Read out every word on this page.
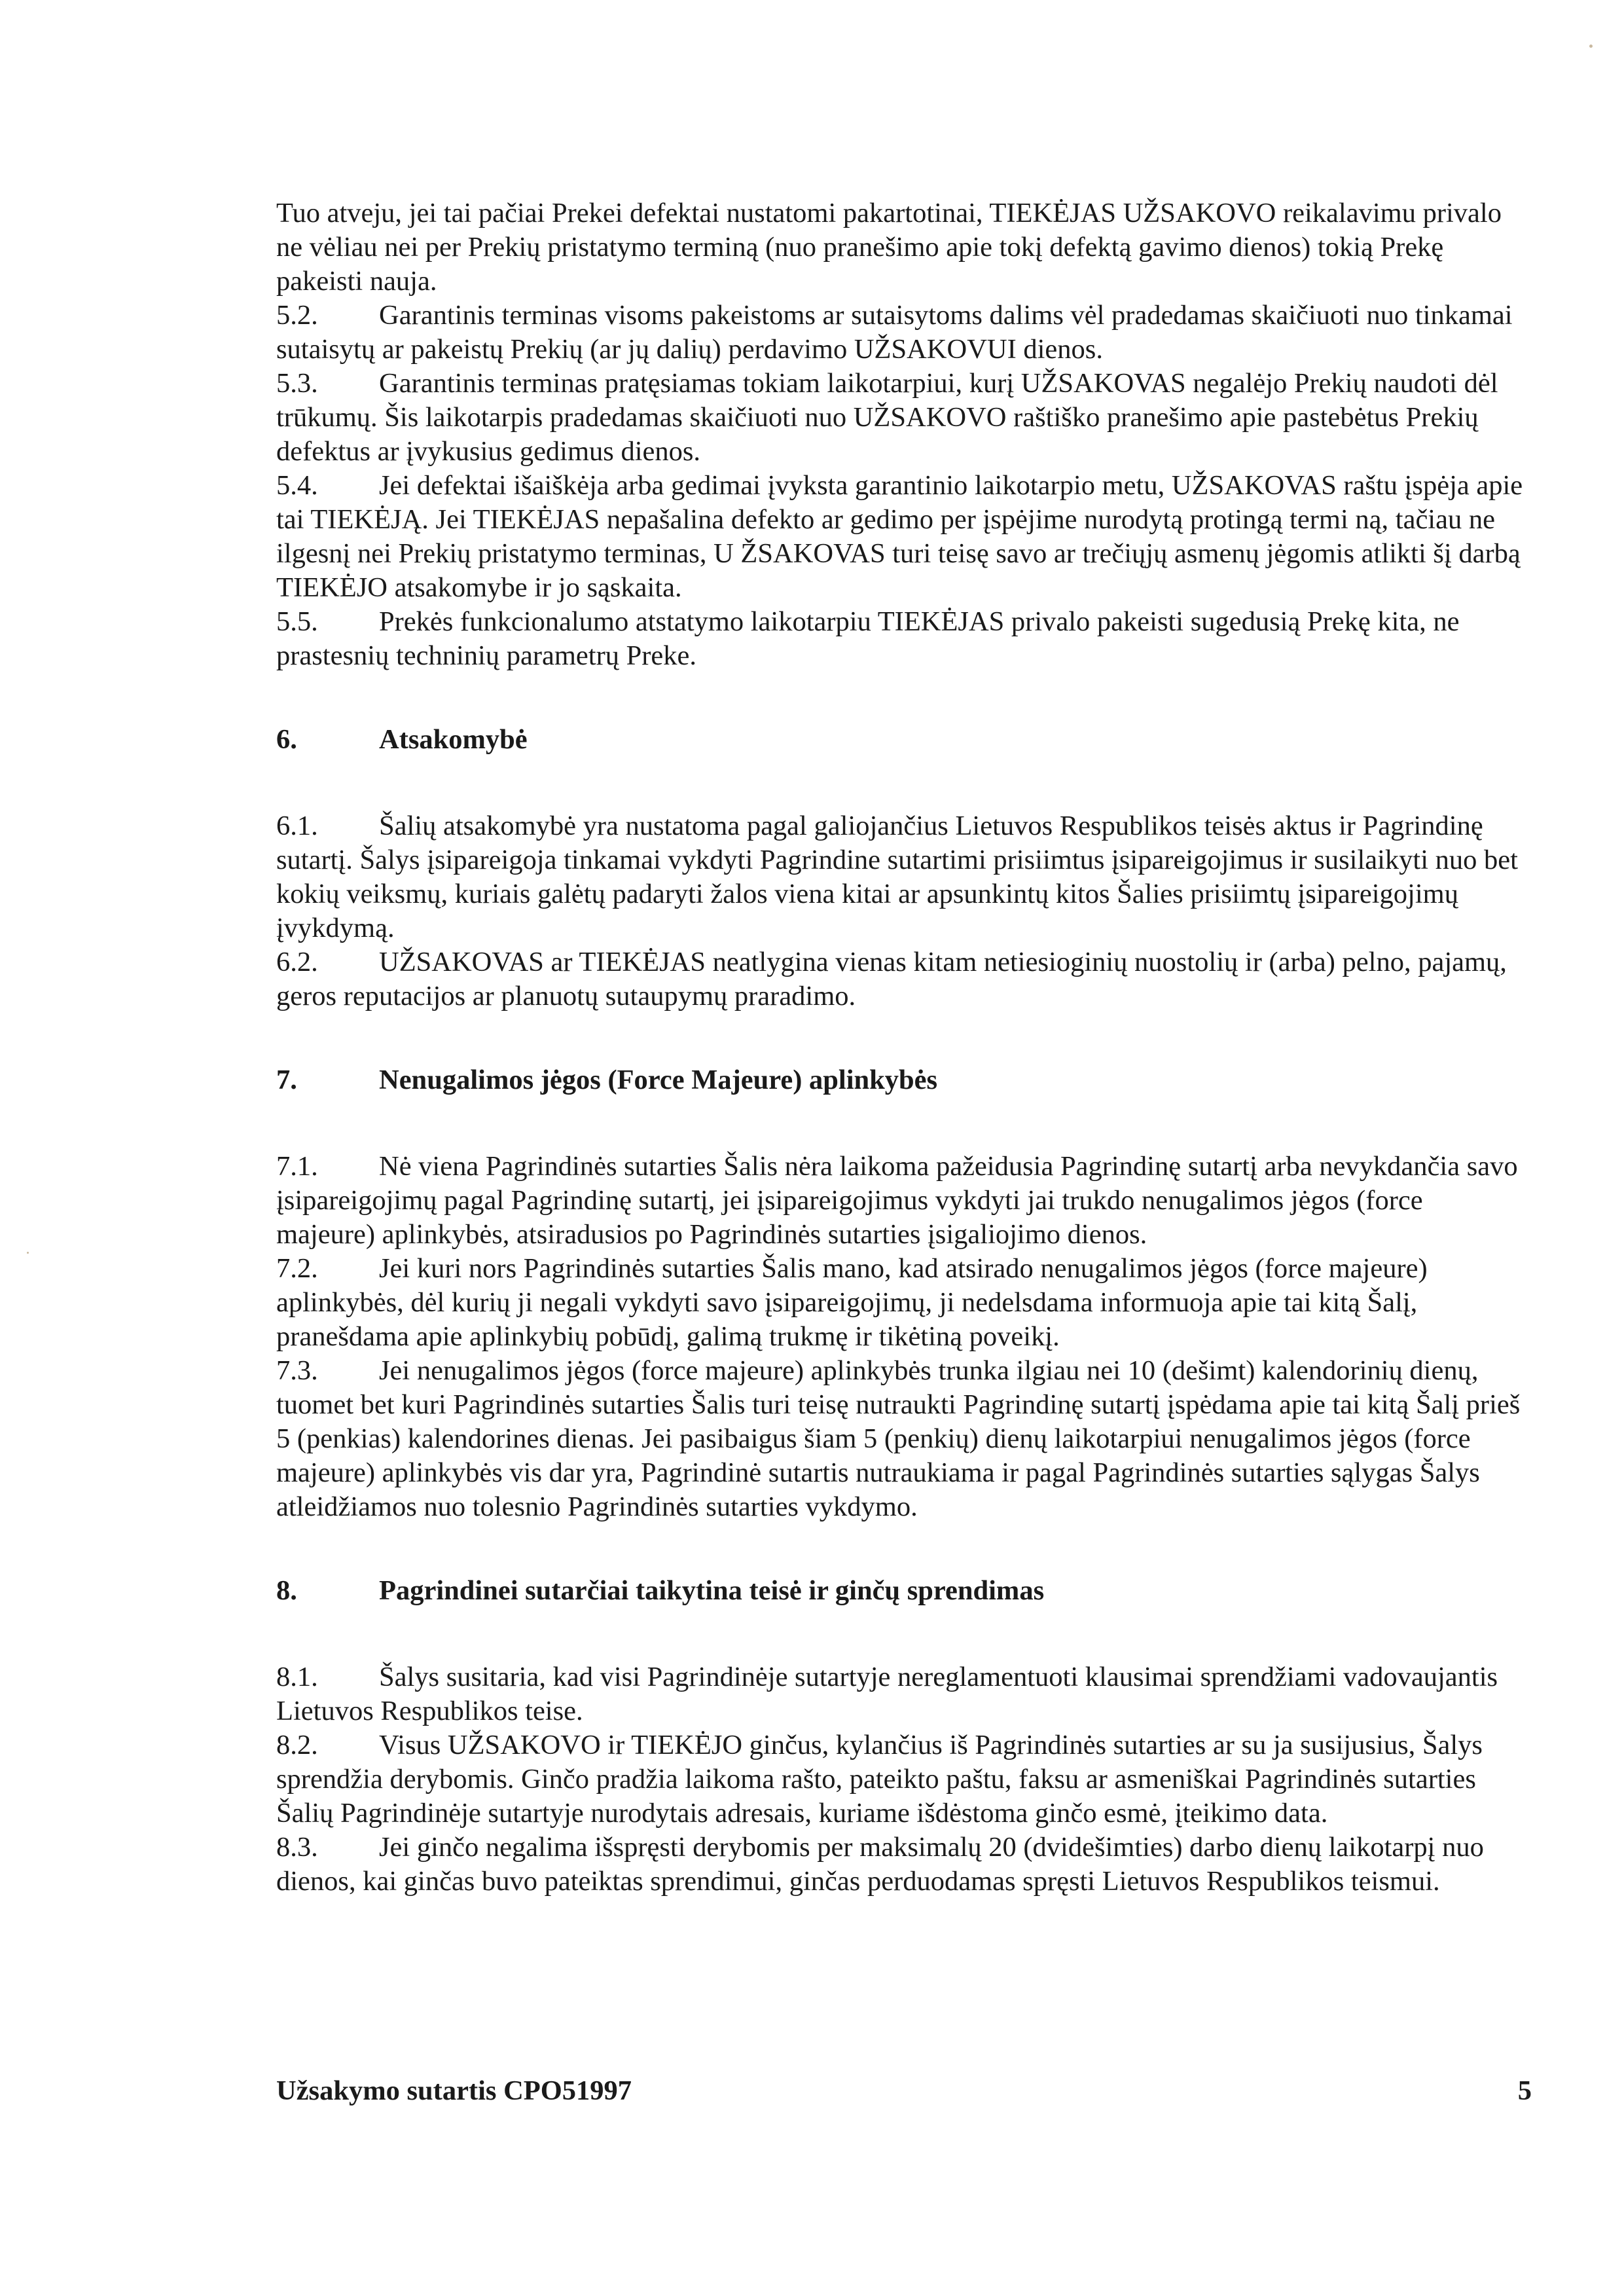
Tuo atveju, jei tai pačiai Prekei defektai nustatomi pakartotinai, TIEKĖJAS UŽSAKOVO reikalavimu privalo ne vėliau nei per Prekių pristatymo terminą (nuo pranešimo apie tokį defektą gavimo dienos) tokią Prekę pakeisti nauja.

5.2. Garantinis terminas visoms pakeistoms ar sutaisytoms dalims vėl pradedamas skaičiuoti nuo tinkamai sutaisytų ar pakeistų Prekių (ar jų dalių) perdavimo UŽSAKOVUI dienos.

5.3. Garantinis terminas pratęsiamas tokiam laikotarpiui, kurį UŽSAKOVAS negalėjo Prekių naudoti dėl trūkumų. Šis laikotarpis pradedamas skaičiuoti nuo UŽSAKOVO raštiško pranešimo apie pastebėtus Prekių defektus ar įvykusius gedimus dienos.

5.4. Jei defektai išaiškėja arba gedimai įvyksta garantinio laikotarpio metu, UŽSAKOVAS raštu įspėja apie tai TIEKĖJĄ. Jei TIEKĖJAS nepašalina defekto ar gedimo per įspėjime nurodytą protingą termi ną, tačiau ne ilgesnį nei Prekių pristatymo terminas, U ŽSAKOVAS turi teisę savo ar trečiųjų asmenų jėgomis atlikti šį darbą TIEKĖJO atsakomybe ir jo sąskaita.

5.5. Prekės funkcionalumo atstatymo laikotarpiu TIEKĖJAS privalo pakeisti sugedusią Prekę kita, ne prastesnių techninių parametrų Preke.

6.	Atsakomybė

6.1. Šalių atsakomybė yra nustatoma pagal galiojančius Lietuvos Respublikos teisės aktus ir Pagrindinę sutartį. Šalys įsipareigoja tinkamai vykdyti Pagrindine sutartimi prisiimtus įsipareigojimus ir susilaikyti nuo bet kokių veiksmų, kuriais galėtų padaryti žalos viena kitai ar apsunkintų kitos Šalies prisiimtų įsipareigojimų įvykdymą.

6.2. UŽSAKOVAS ar TIEKĖJAS neatlygina vienas kitam netiesioginių nuostolių ir (arba) pelno, pajamų, geros reputacijos ar planuotų sutaupymų praradimo.

7.	Nenugalimos jėgos (Force Majeure) aplinkybės

7.1. Nė viena Pagrindinės sutarties Šalis nėra laikoma pažeidusia Pagrindinę sutartį arba nevykdančia savo įsipareigojimų pagal Pagrindinę sutartį, jei įsipareigojimus vykdyti jai trukdo nenugalimos jėgos (force majeure) aplinkybės, atsiradusios po Pagrindinės sutarties įsigaliojimo dienos.

7.2. Jei kuri nors Pagrindinės sutarties Šalis mano, kad atsirado nenugalimos jėgos (force majeure) aplinkybės, dėl kurių ji negali vykdyti savo įsipareigojimų, ji nedelsdama informuoja apie tai kitą Šalį, pranešdama apie aplinkybių pobūdį, galimą trukmę ir tikėtiną poveikį.

7.3. Jei nenugalimos jėgos (force majeure) aplinkybės trunka ilgiau nei 10 (dešimt) kalendorinių dienų, tuomet bet kuri Pagrindinės sutarties Šalis turi teisę nutraukti Pagrindinę sutartį įspėdama apie tai kitą Šalį prieš 5 (penkias) kalendorines dienas. Jei pasibaigus šiam 5 (penkių) dienų laikotarpiui nenugalimos jėgos (force majeure) aplinkybės vis dar yra, Pagrindinė sutartis nutraukiama ir pagal Pagrindinės sutarties sąlygas Šalys atleidžiamos nuo tolesnio Pagrindinės sutarties vykdymo.

8.	Pagrindinei sutarčiai taikytina teisė ir ginčų sprendimas

8.1. Šalys susitaria, kad visi Pagrindinėje sutartyje nereglamentuoti klausimai sprendžiami vadovaujantis Lietuvos Respublikos teise.

8.2. Visus UŽSAKOVO ir TIEKĖJO ginčus, kylančius iš Pagrindinės sutarties ar su ja susijusius, Šalys sprendžia derybomis. Ginčo pradžia laikoma rašto, pateikto paštu, faksu ar asmeniškai Pagrindinės sutarties Šalių Pagrindinėje sutartyje nurodytais adresais, kuriame išdėstoma ginčo esmė, įteikimo data.

8.3. Jei ginčo negalima išspręsti derybomis per maksimalų 20 (dvidešimties) darbo dienų laikotarpį nuo dienos, kai ginčas buvo pateiktas sprendimui, ginčas perduodamas spręsti Lietuvos Respublikos teismui.

Užsakymo sutartis CPO51997	5
